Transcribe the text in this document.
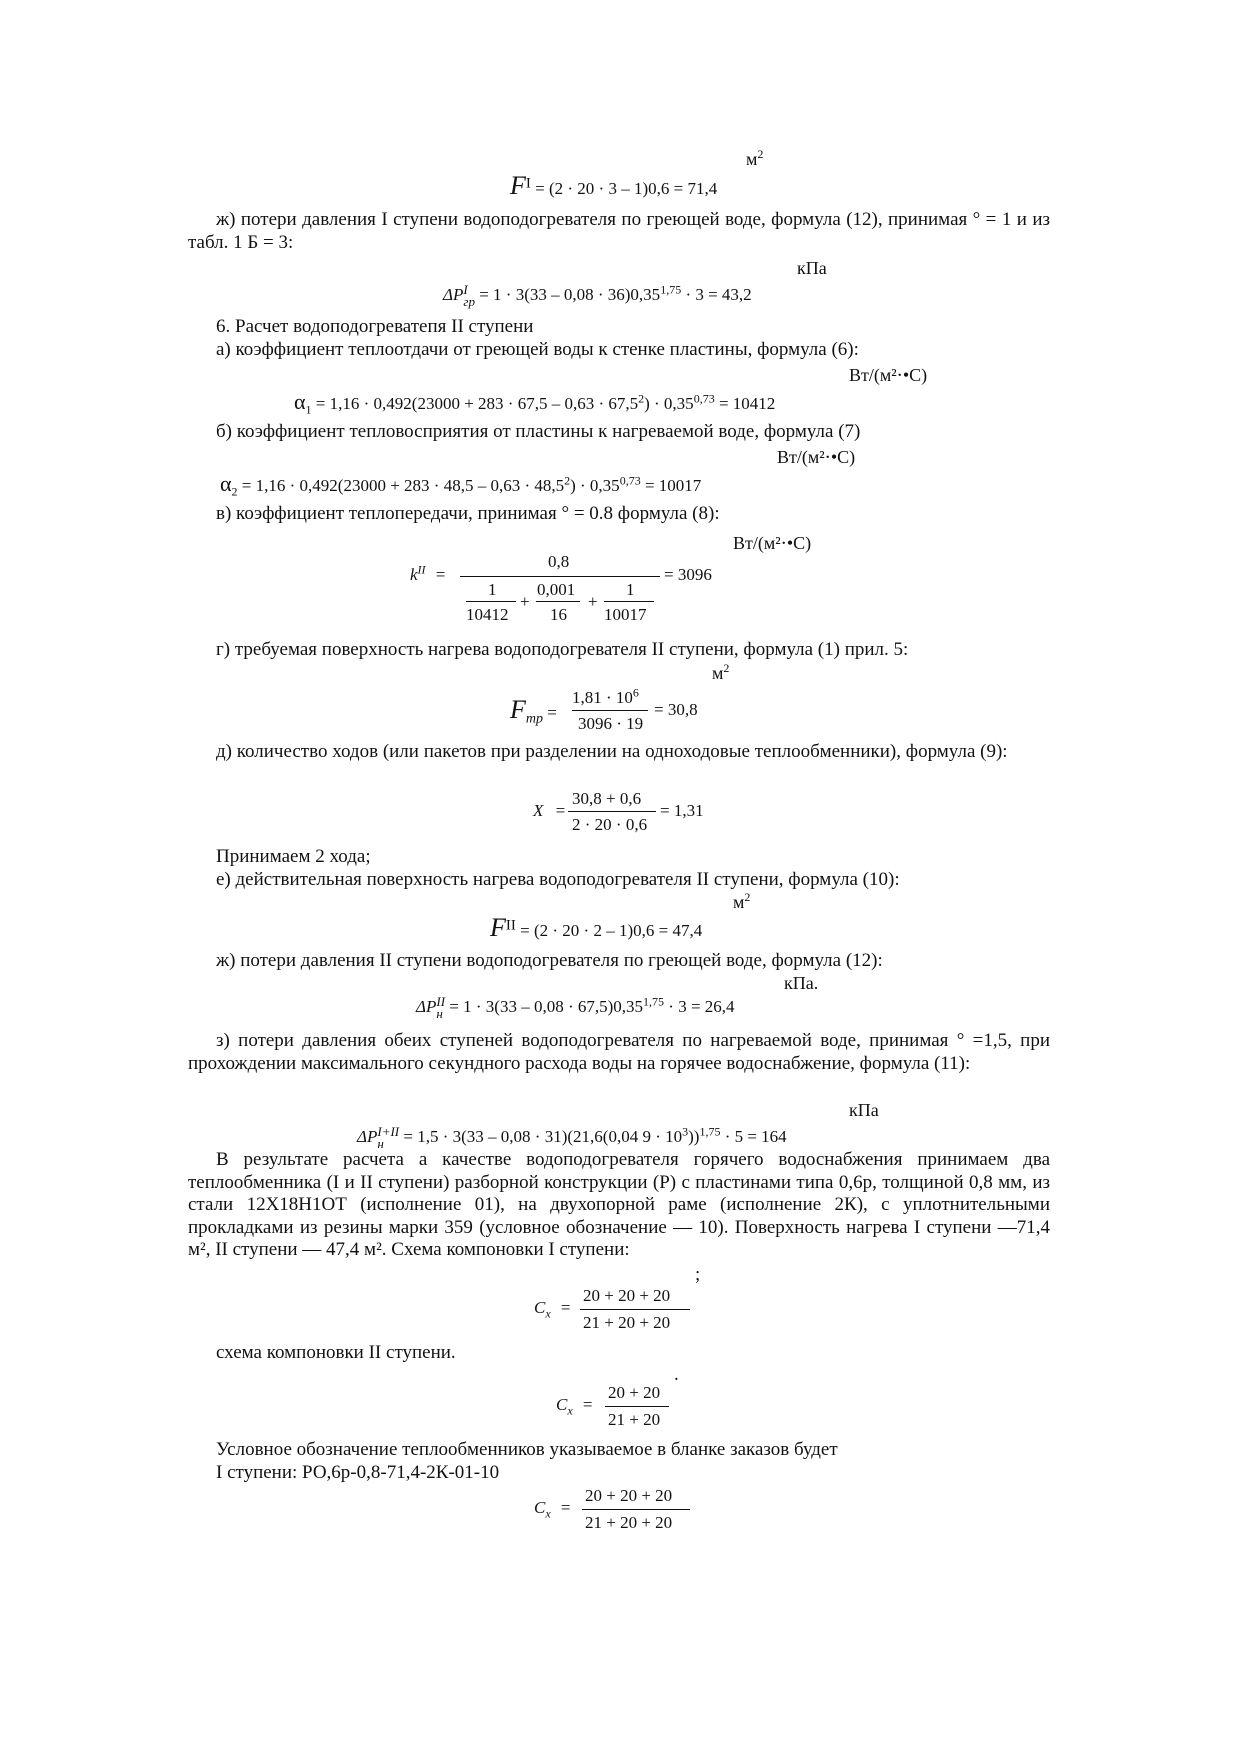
$м^2$
$F^I = (2 \cdot 20 \cdot 3 - 1)0,6 = 71,4$
ж) потери давления I ступени водоподогревателя по греющей воде, формула (12), принимая ° = 1 и из табл. 1 Б = 3:
кПа
ΔP I
гр = $1 \cdot 3(33 - 0,08 \cdot 36)0,35^{1,75} \cdot 3 = 43,2$
6. Расчет водоподогреватепя II ступени
а) коэффициент теплоотдачи от греющей воды к стенке пластины, формула (6):
Вт/(м²⋅•С)
$\alpha_1 = 1,16 \cdot 0,492(23000 + 283 \cdot 67,5 - 0,63 \cdot 67,5^2) \cdot 0,35^{0,73} = 10412$
б) коэффициент тепловосприятия от пластины к нагреваемой воде, формула (7)
Вт/(м²⋅•С)
$\alpha_2 = 1,16 \cdot 0,492(23000 + 283 \cdot 48,5 - 0,63 \cdot 48,5^2) \cdot 0,35^{0,73} = 10017$
в) коэффициент теплопередачи, принимая ° = 0.8 формула (8):
Вт/(м²⋅•С)
$k^{II}$ =
0,8
1
10412
+
0,001
16
+
1
10017
= 3096
г) требуемая поверхность нагрева водоподогревателя II ступени, формула (1) прил. 5:
$м^2$
$F_{тр}$ =
$1,81 \cdot 10^6$
3096 · 19
= 30,8
д) количество ходов (или пакетов при разделении на одноходовые теплообменники), формула (9):
X =
30,8 + 0,6
2 · 20 · 0,6
= 1,31
Принимаем 2 хода;
е) действительная поверхность нагрева водоподогревателя II ступени, формула (10):
$м^2$
$F^{II} = (2 \cdot 20 \cdot 2 - 1)0,6 = 47,4$
ж) потери давления II ступени водоподогревателя по греющей воде, формула (12):
кПа.
ΔP II
$н = 1 \cdot 3(33 - 0,08 \cdot 67,5)0,35^{1,75} \cdot 3 = 26,4$
з) потери давления обеих ступеней водоподогревателя по нагреваемой воде, принимая ° =1,5, при прохождении максимального секундного расхода воды на горячее водоснабжение, формула (11):
кПа
ΔP I+II
н	= 1,5 · 3(33 – 0,08 · 31)(21,6(0,04 $9 \cdot 10^3))^{1,75} \cdot 5 = 164$
В результате расчета а качестве водоподогревателя горячего водоснабжения принимаем два теплообменника (I и II ступени) разборной конструкции (Р) с пластинами типа 0,6р, толщиной 0,8 мм, из стали 12Х18Н1ОТ (исполнение 01), на двухопорной раме (исполнение 2К), с уплотнительными прокладками из резины марки 359 (условное обозначение — 10). Поверхность нагрева I ступени —71,4 м², II ступени — 47,4 м². Схема компоновки I ступени:
;
$C_x$ =
20 + 20 + 20
21 + 20 + 20
схема компоновки II ступени.
.
$C_x$ =
20 + 20
21 + 20
Условное обозначение теплообменников указываемое в бланке заказов будет
I ступени: РО,6р-0,8-71,4-2К-01-10
$C_x$ =
20 + 20 + 20
21 + 20 + 20
